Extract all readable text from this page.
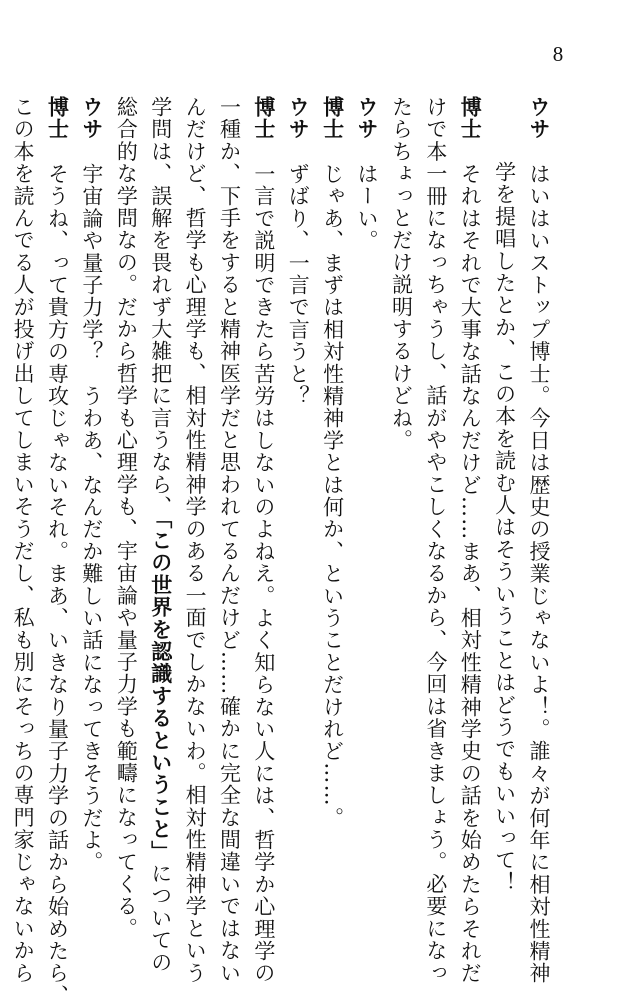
8
ウサはいはいストップ博士。今日は歴史の授業じゃないよ！。誰々が何年に相対性精神
学を提唱したとか、この本を読む人はそういうことはどうでもいいって！
博士それはそれで大事な話なんだけど……まあ、相対性精神学史の話を始めたらそれだ
けで本一冊になっちゃうし、話がややこしくなるから、今回は省きましょう。必要になっ
たらちょっとだけ説明するけどね。
ウサはーい。
博士じゃあ、まずは相対性精神学とは何か、ということだけれど……。
ウサずばり、一言で言うと？
博士一言で説明できたら苦労はしないのよねえ。よく知らない人には、哲学か心理学の
一種か、下手をすると精神医学だと思われてるんだけど……確かに完全な間違いではない
んだけど、哲学も心理学も、相対性精神学のある一面でしかないわ。相対性精神学という
学問は、誤解を畏れず大雑把に言うなら、「この世界を認識するということ」についての
総合的な学問なの。だから哲学も心理学も、宇宙論や量子力学も範疇になってくる。
ウサ宇宙論や量子力学？　うわあ、なんだか難しい話になってきそうだよ。
博士そうね、って貴方の専攻じゃないそれ。まあ、いきなり量子力学の話から始めたら、
この本を読んでる人が投げ出してしまいそうだし、私も別にそっちの専門家じゃないから
